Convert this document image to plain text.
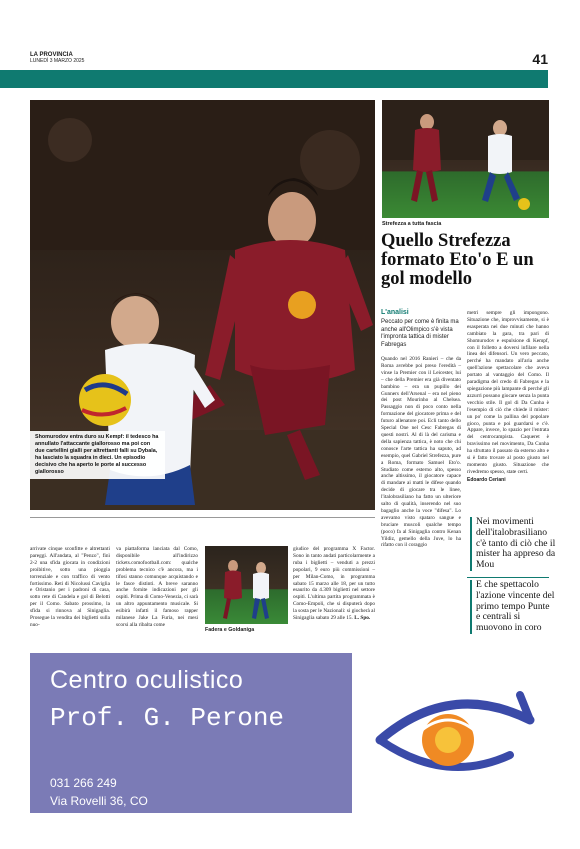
LA PROVINCIA
LUNEDÌ 3 MARZO 2025	41
Shomurodov entra duro su Kempf: il tedesco ha annullato l'attaccante giallorosso ma poi con due cartellini gialli per altrettanti falli su Dybala, ha lasciato la squadra in dieci. Un episodio decisivo che ha aperto le porte al successo giallorosso
Strefezza a tutta fascia
Quello Strefezza formato Eto'o E un gol modello
L'analisi
Peccato per come è finita ma anche all'Olimpico s'è vista l'impronta tattica di mister Fabregas
Quando nel 2016 Ranieri – che da Roma avrebbe poi preso l'eredità – vinse la Premier con il Leicester, lui – che della Premier era già diventato bambino – era un pupillo dei Gunners dell'Arsenal – era nel pieno dei post Mourinho al Chelsea. Passaggio non di poco conto nella formazione del giocatore prima e del futuro allenatore poi. Ecli tanto dello Special One nel Cesc Fabregas di questi nostri. Al di là del carisma e della sapienza tattica, è noto che chi conosce l'arte tattica ha saputo, ad esempio, quel Gabriel Strefezza, pure a Roma, formato Samuel Eto'o. Studiato come esterno alto, spesso anche altissimo, il giocatore capace di mandare ai matti le difese quando decide di giocare tra le linee, l'italobrasiliano ha fatto un ulteriore salto di qualità, inserendo nel suo bagaglio anche la voce "difesa". Lo avevamo visto spataro sangue e bruciare muscoli qualche tempo (poco) fa al Sinigaglia contro Kenan Yildiz, gemello della Juve, lo ha rifatto con il coraggio
metri sempre gli impongono. Situazione che, improvvisamente, si è esasperata nei due minuti che hanno cambiato la gara, tra pari di Shomurodov e espulsione di Kempf, con il folletto a doversi infilare nella linea dei difensori. Un vero peccato, perché ha mandato all'aria anche quell'azione spettacolare che aveva portato al vantaggio del Como. Il paradigma del credo di Fabregas e la spiegazione più lampante di perché gli azzurri possano giocare senza la punta vecchio stile. Il gol di Da Cunha è l'esempio di ciò che chiede il mister: un po' come la pallina del popolare gioco, punta e poi guardarsi e c'è. Appare, invece, lo spazio per l'entrata del centrocampista. Caqueret è bravissimo nel movimento, Da Cunha ha sfruttato il passato da esterno alto e si è fatto trovare al posto giusto nel momento giusto. Situazione che rivedremo spesso, state certi.
Edoardo Ceriani
arrivate cinque sconfitte e altrettanti pareggi. All'andata, al "Penzo", finì 2-2 una sfida giocata in condizioni proibitive, sotto una pioggia torrenziale e con traffico di vento fortissimo. Reti di Nicolussi Caviglia e Oristanio per i padroni di casa, sotto rete di Candela e gol di Belotti per il Como. Sabato prossimo, la sfida si rinnova al Sinigaglia. Prosegue la vendita dei biglietti sulla nuo-
va piattaforma lanciata dal Como, disponibile all'indirizzo tickets.comofootball.com: qualche problema tecnico c'è ancora, ma i tifosi stanno comunque acquistando e le fasce distinti. A breve saranno anche fornite indicazioni per gli ospiti. Prima di Como-Venezia, ci sarà un altro appuntamento musicale. Si esibirà infatti il famoso rapper milanese Jake La Furia, nei mesi scorsi alla ribalta come
Fadera e Goldaniga
giudice del programma X Factor. Sono in tanto andati particolarmente a ruba i biglietti – venduti a prezzi popolari, 9 euro più commissioni – per Milan-Como, in programma sabato 15 marzo alle 18, per un tutto esaurito da 4.309 biglietti nel settore ospiti. L'ultima partita programmata è Como-Empoli, che si disputerà dopo la sosta per le Nazionali: si giocherà al Sinigaglia sabato 29 alle 15. L. Spo.
Nei movimenti dell'italobrasiliano c'è tanto di ciò che il mister ha appreso da Mou
E che spettacolo l'azione vincente del primo tempo Punte e centrali si muovono in coro
Centro oculistico
Prof. G. Perone
031 266 249
Via Rovelli 36, CO
